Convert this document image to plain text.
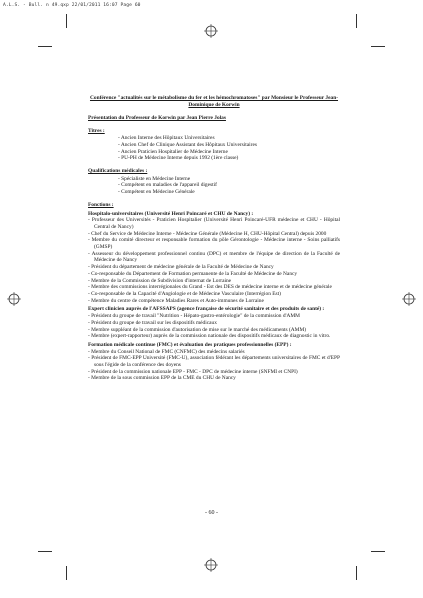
A.L.S. - Bull. n 49.qxp 22/01/2011 16:07 Page 60
Conférence "actualités sur le métabolisme du fer et les hémochromatoses" par Monsieur le Professeur Jean-Dominique de Korwin
Présentation du Professeur de Korwin par Jean Pierre Jolas
Titres :
- Ancien Interne des Hôpitaux Universitaires
- Ancien Chef de Clinique Assistant des Hôpitaux Universitaires
- Ancien Praticien Hospitalier de Médecine Interne
- PU-PH de Médecine Interne depuis 1992 (1ère classe)
Qualifications médicales :
- Spécialiste en Médecine Interne
- Compétent en maladies de l'appareil digestif
- Compétent en Médecine Générale
Fonctions :
Hospitalo-universitaires (Université Henri Poincaré et CHU de Nancy) :
- Professeur des Universités - Praticien Hospitalier (Université Henri Poincaré-UFR médecine et CHU - Hôpital Central de Nancy)
- Chef du Service de Médecine Interne - Médecine Générale (Médecine H, CHU-Hôpital Central) depuis 2000
- Membre du comité directeur et responsable formation du pôle Gérontologie - Médecine interne - Soins palliatifs (GMSP)
- Assesseur du développement professionnel continu (DPC) et membre de l'équipe de direction de la Faculté de Médecine de Nancy
- Président du département de médecine générale de la Faculté de Médecine de Nancy
- Co-responsable du Département de Formation permanente de la Faculté de Médecine de Nancy
- Membre de la Commission de Subdivision d'internat de Lorraine
- Membre des commissions interrégionales du Grand - Est des DES de médecine interne et de médecine générale
- Co-responsable de la Capacité d'Angiologie et de Médecine Vasculaire (Interrégion Est)
- Membre du centre de compétence Maladies Rares et Auto-immunes de Lorraine
Expert clinicien auprès de l'AFSSAPS (agence française de sécurité sanitaire et des produits de santé) :
- Président du groupe de travail "Nutrition - Hépato-gastro-entérologie" de la commission d'AMM
- Président du groupe de travail sur les dispositifs médicaux
- Membre suppléant de la commission d'autorisation de mise sur le marché des médicaments (AMM)
- Membre (expert-rapporteur) auprès de la commission nationale des dispositifs médicaux de diagnostic in vitro.
Formation médicale continue (FMC) et évaluation des pratiques professionnelles (EPP) :
- Membre du Conseil National de FMC (CNFMC) des médecins salariés
- Président de FMC-EPP Université (FMC-U), association fédérant les départements universitaires de FMC et d'EPP sous l'égide de la conférence des doyens
- Président de la commission nationale EPP - FMC - DPC de médecine interne (SNFMI et CNPI)
- Membre de la sous commission EPP de la CME du CHU de Nancy
- 60 -
